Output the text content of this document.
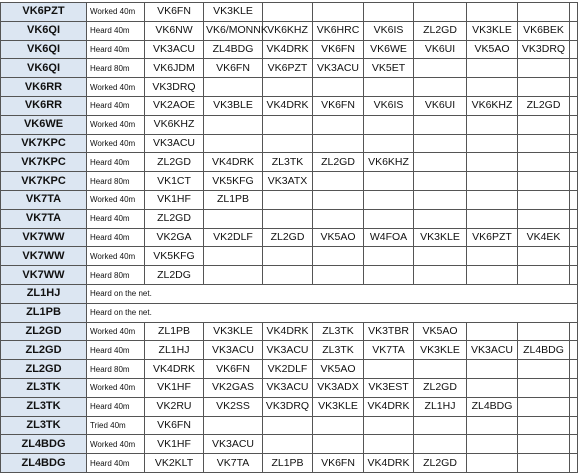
VK6PZT	Worked 40m	VK6FN	VK3KLE							
VK6QI	Heard 40m	VK6NW	VK6/MONNK	VK6KHZ	VK6HRC	VK6IS	ZL2GD	VK3KLE	VK6BEK	
VK6QI	Heard 40m	VK3ACU	ZL4BDG	VK4DRK	VK6FN	VK6WE	VK6UI	VK5AO	VK3DRQ	
VK6QI	Heard 80m	VK6JDM	VK6FN	VK6PZT	VK3ACU	VK5ET				
VK6RR	Worked 40m	VK3DRQ								
VK6RR	Heard 40m	VK2AOE	VK3BLE	VK4DRK	VK6FN	VK6IS	VK6UI	VK6KHZ	ZL2GD	
VK6WE	Worked 40m	VK6KHZ								
VK7KPC	Worked 40m	VK3ACU								
VK7KPC	Heard 40m	ZL2GD	VK4DRK	ZL3TK	ZL2GD	VK6KHZ				
VK7KPC	Heard 80m	VK1CT	VK5KFG	VK3ATX						
VK7TA	Worked 40m	VK1HF	ZL1PB							
VK7TA	Heard 40m	ZL2GD								
VK7WW	Heard 40m	VK2GA	VK2DLF	ZL2GD	VK5AO	W4FOA	VK3KLE	VK6PZT	VK4EK	
VK7WW	Worked 40m	VK5KFG								
VK7WW	Heard 80m	ZL2DG								
ZL1HJ	Heard on the net.									
ZL1PB	Heard on the net.									
ZL2GD	Worked 40m	ZL1PB	VK3KLE	VK4DRK	ZL3TK	VK3TBR	VK5AO			
ZL2GD	Heard 40m	ZL1HJ	VK3ACU	VK3ACU	ZL3TK	VK7TA	VK3KLE	VK3ACU	ZL4BDG	
ZL2GD	Heard 80m	VK4DRK	VK6FN	VK2DLF	VK5AO					
ZL3TK	Worked 40m	VK1HF	VK2GAS	VK3ACU	VK3ADX	VK3EST	ZL2GD			
ZL3TK	Heard 40m	VK2RU	VK2SS	VK3DRQ	VK3KLE	VK4DRK	ZL1HJ	ZL4BDG		
ZL3TK	Tried 40m	VK6FN								
ZL4BDG	Worked 40m	VK1HF	VK3ACU							
ZL4BDG	Heard 40m	VK2KLT	VK7TA	ZL1PB	VK6FN	VK4DRK	ZL2GD			
